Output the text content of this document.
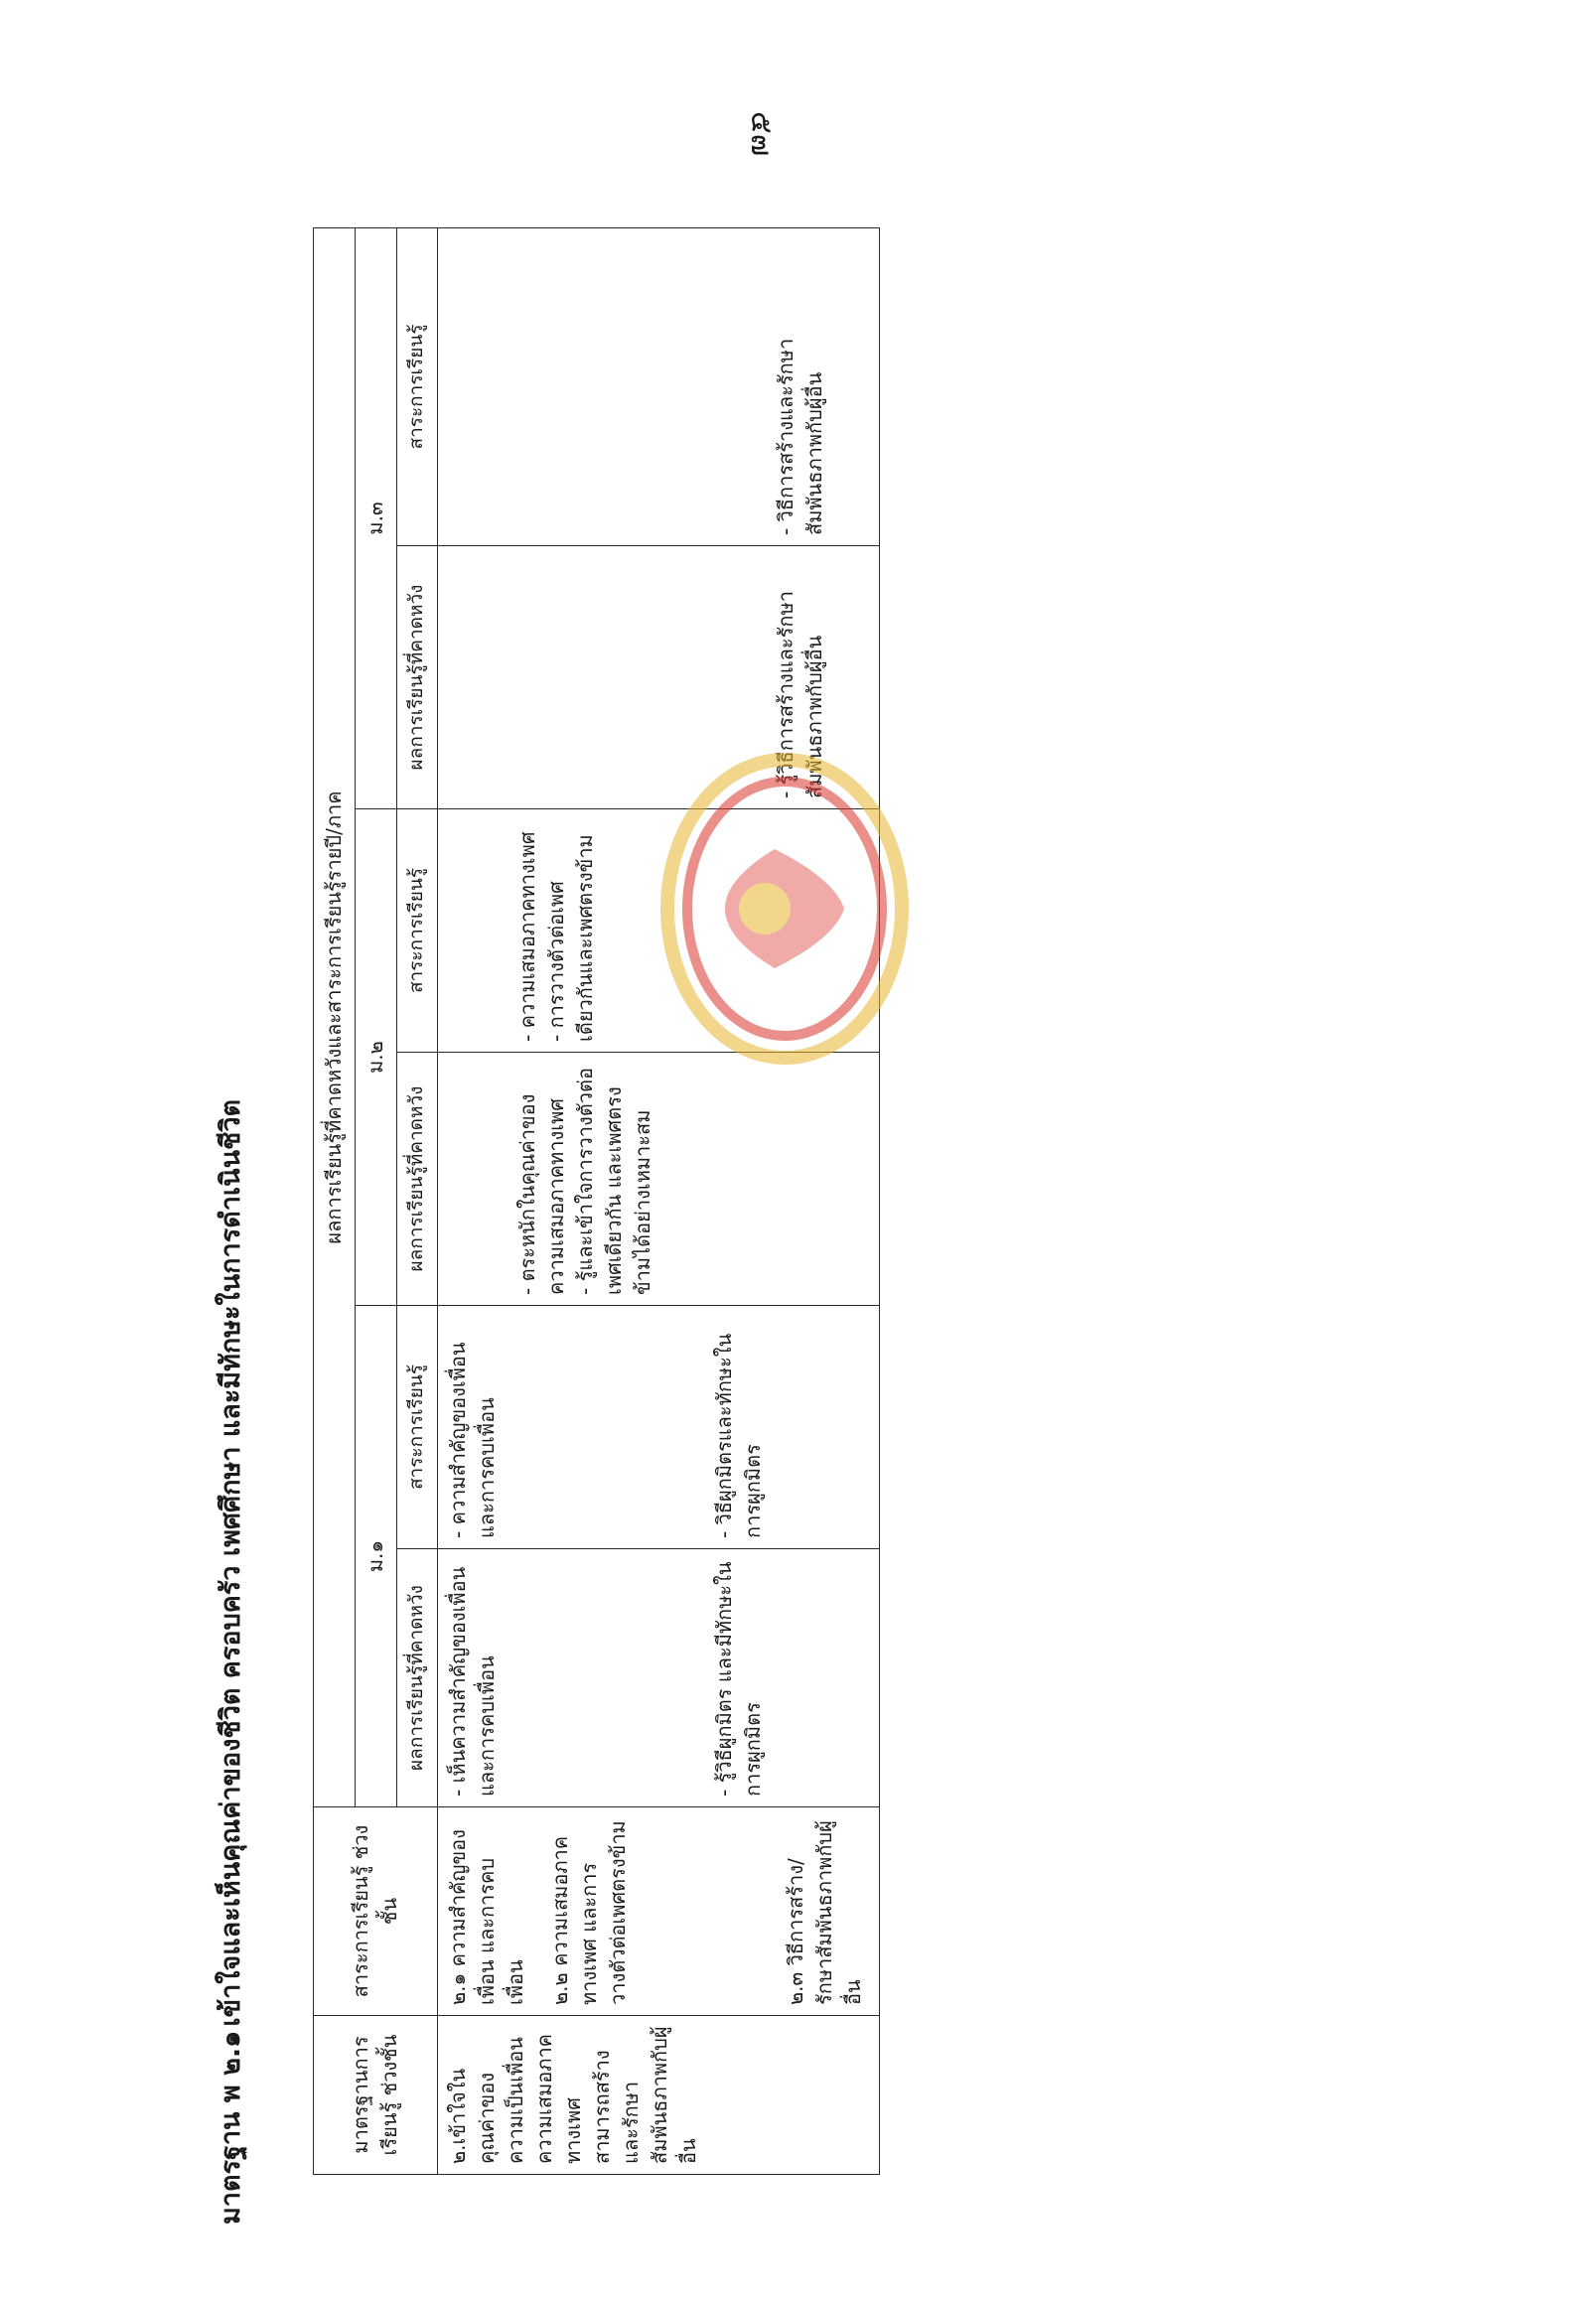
๕๗
มาตรฐาน พ ๒.๑ เข้าใจและเห็นคุณค่าของชีวิต ครอบครัว เพศศึกษา และมีทักษะในการดำเนินชีวิต
มาตรฐานการเรียนรู้ ช่วงชั้น	สาระการเรียนรู้ ช่วงชั้น	ผลการเรียนรู้ที่คาดหวังและสาระการเรียนรู้รายปี/ภาค					
		ม.๑		ม.๒		ม.๓	
		ผลการเรียนรู้ที่คาดหวัง	สาระการเรียนรู้	ผลการเรียนรู้ที่คาดหวัง	สาระการเรียนรู้	ผลการเรียนรู้ที่คาดหวัง	สาระการเรียนรู้

๒.เข้าใจในคุณค่าของความเป็นเพื่อน ความเสมอภาคทางเพศ สามารถสร้างและรักษาสัมพันธภาพกับผู้อื่น	๒.๑ ความสำคัญของเพื่อน และการคบเพื่อน ๒.๒ ความเสมอภาคทางเพศ และการวางตัวต่อเพศตรงข้าม ๒.๓ วิธีการสร้าง/รักษาสัมพันธภาพกับผู้อื่น	- เห็นความสำคัญของเพื่อน และการคบเพื่อน - รู้วิธีผูกมิตร และมีทักษะในการผูกมิตร	- ความสำคัญของเพื่อน และการคบเพื่อน - วิธีผูกมิตรและทักษะในการผูกมิตร	- ตระหนักในคุณค่าของความเสมอภาคทางเพศ - รู้และเข้าใจการวางตัวต่อเพศเดียวกัน และเพศตรงข้ามได้อย่างเหมาะสม	- ความเสมอภาคทางเพศ - การวางตัวต่อเพศเดียวกันและเพศตรงข้าม	- รู้วิธีการสร้างและรักษาสัมพันธภาพกับผู้อื่น	- วิธีการสร้างและรักษาสัมพันธภาพกับผู้อื่น
